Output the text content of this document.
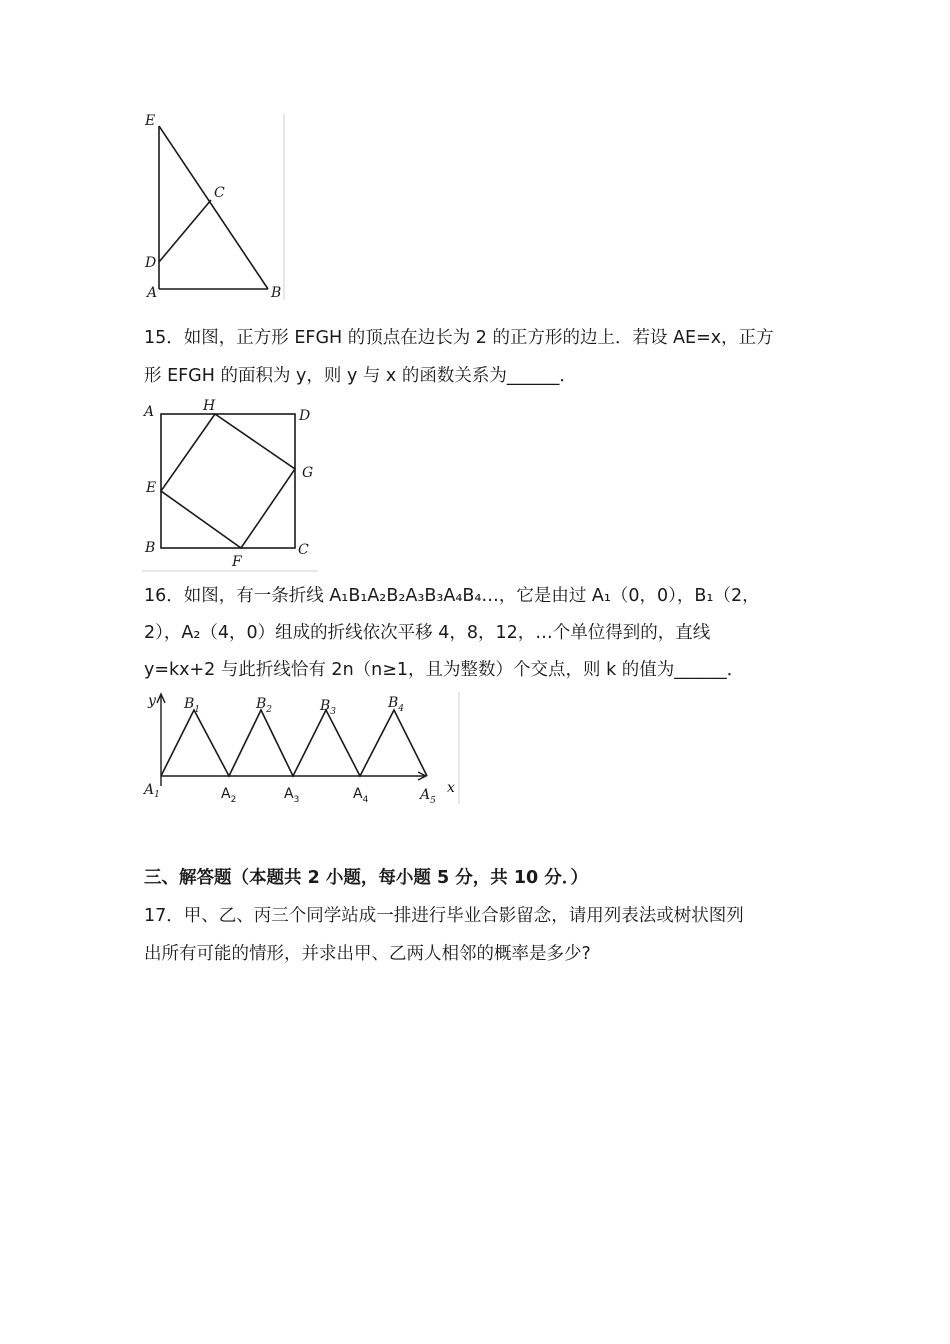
E
C
D
A	B
15．如图，正方形 EFGH 的顶点在边长为 2 的正方形的边上．若设 AE=x，正方
形 EFGH 的面积为 y，则 y 与 x 的函数关系为______．
A	H
D
E
G
B
F
C
16．如图，有一条折线 A₁B₁A₂B₂A₃B₃A₄B₄…，它是由过 A₁（0，0），B₁（2，
2），A₂（4，0）组成的折线依次平移 4，8，12，…个单位得到的，直线
y=kx+2 与此折线恰有 2n（n≥1，且为整数）个交点，则 k 的值为______．
y
x
$B_1$	$B_2$	$B_3$
$B_4$
$A_1$	$A_2$	$A_3$	$A_4$	$A_5$
三、解答题（本题共 2 小题，每小题 5 分，共 10 分．）
17．甲、乙、丙三个同学站成一排进行毕业合影留念，请用列表法或树状图列
出所有可能的情形，并求出甲、乙两人相邻的概率是多少?
